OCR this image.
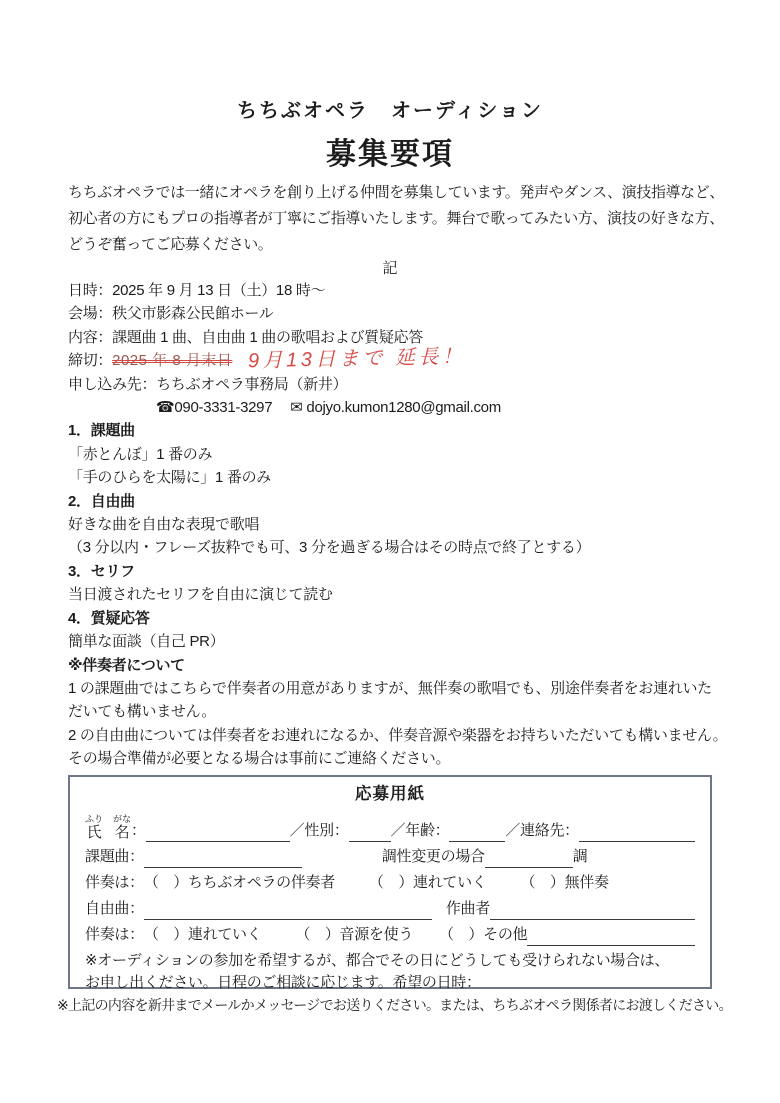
ちちぶオペラ　オーディション
募集要項
ちちぶオペラでは一緒にオペラを創り上げる仲間を募集しています。発声やダンス、演技指導など、
初心者の方にもプロの指導者が丁寧にご指導いたします。舞台で歌ってみたい方、演技の好きな方、
どうぞ奮ってご応募ください。
記
日時：2025 年 9 月 13 日（土）18 時～
会場：秩父市影森公民館ホール
内容：課題曲 1 曲、自由曲 1 曲の歌唱および質疑応答
締切： 2025 年 8 月末日 9月13日まで 延長！
申し込み先：ちちぶオペラ事務局（新井）
☎090-3331-3297 ✉ dojyo.kumon1280@gmail.com
1．課題曲
「赤とんぼ」1 番のみ
「手のひらを太陽に」1 番のみ
2．自由曲
好きな曲を自由な表現で歌唱
（3 分以内・フレーズ抜粋でも可、3 分を過ぎる場合はその時点で終了とする）
3．セリフ
当日渡されたセリフを自由に演じて読む
4．質疑応答
簡単な面談（自己 PR）
※伴奏者について
1 の課題曲ではこちらで伴奏者の用意がありますが、無伴奏の歌唱でも、別途伴奏者をお連れいた
だいても構いません。
2 の自由曲については伴奏者をお連れになるか、伴奏音源や楽器をお持ちいただいても構いません。
その場合準備が必要となる場合は事前にご連絡ください。
応募用紙
ふり
氏
がな
名 ：	／性別：	／年齢：	／連絡先：
課題曲：	調性変更の場合	調
伴奏は： （　）ちちぶオペラの伴奏者 （　）連れていく （　）無伴奏
自由曲：	作曲者
伴奏は： （　）連れていく （　）音源を使う （　）その他
※オーディションの参加を希望するが、都合でその日にどうしても受けられない場合は、
お申し出ください。日程のご相談に応じます。希望の日時：
※上記の内容を新井までメールかメッセージでお送りください。または、ちちぶオペラ関係者にお渡しください。
